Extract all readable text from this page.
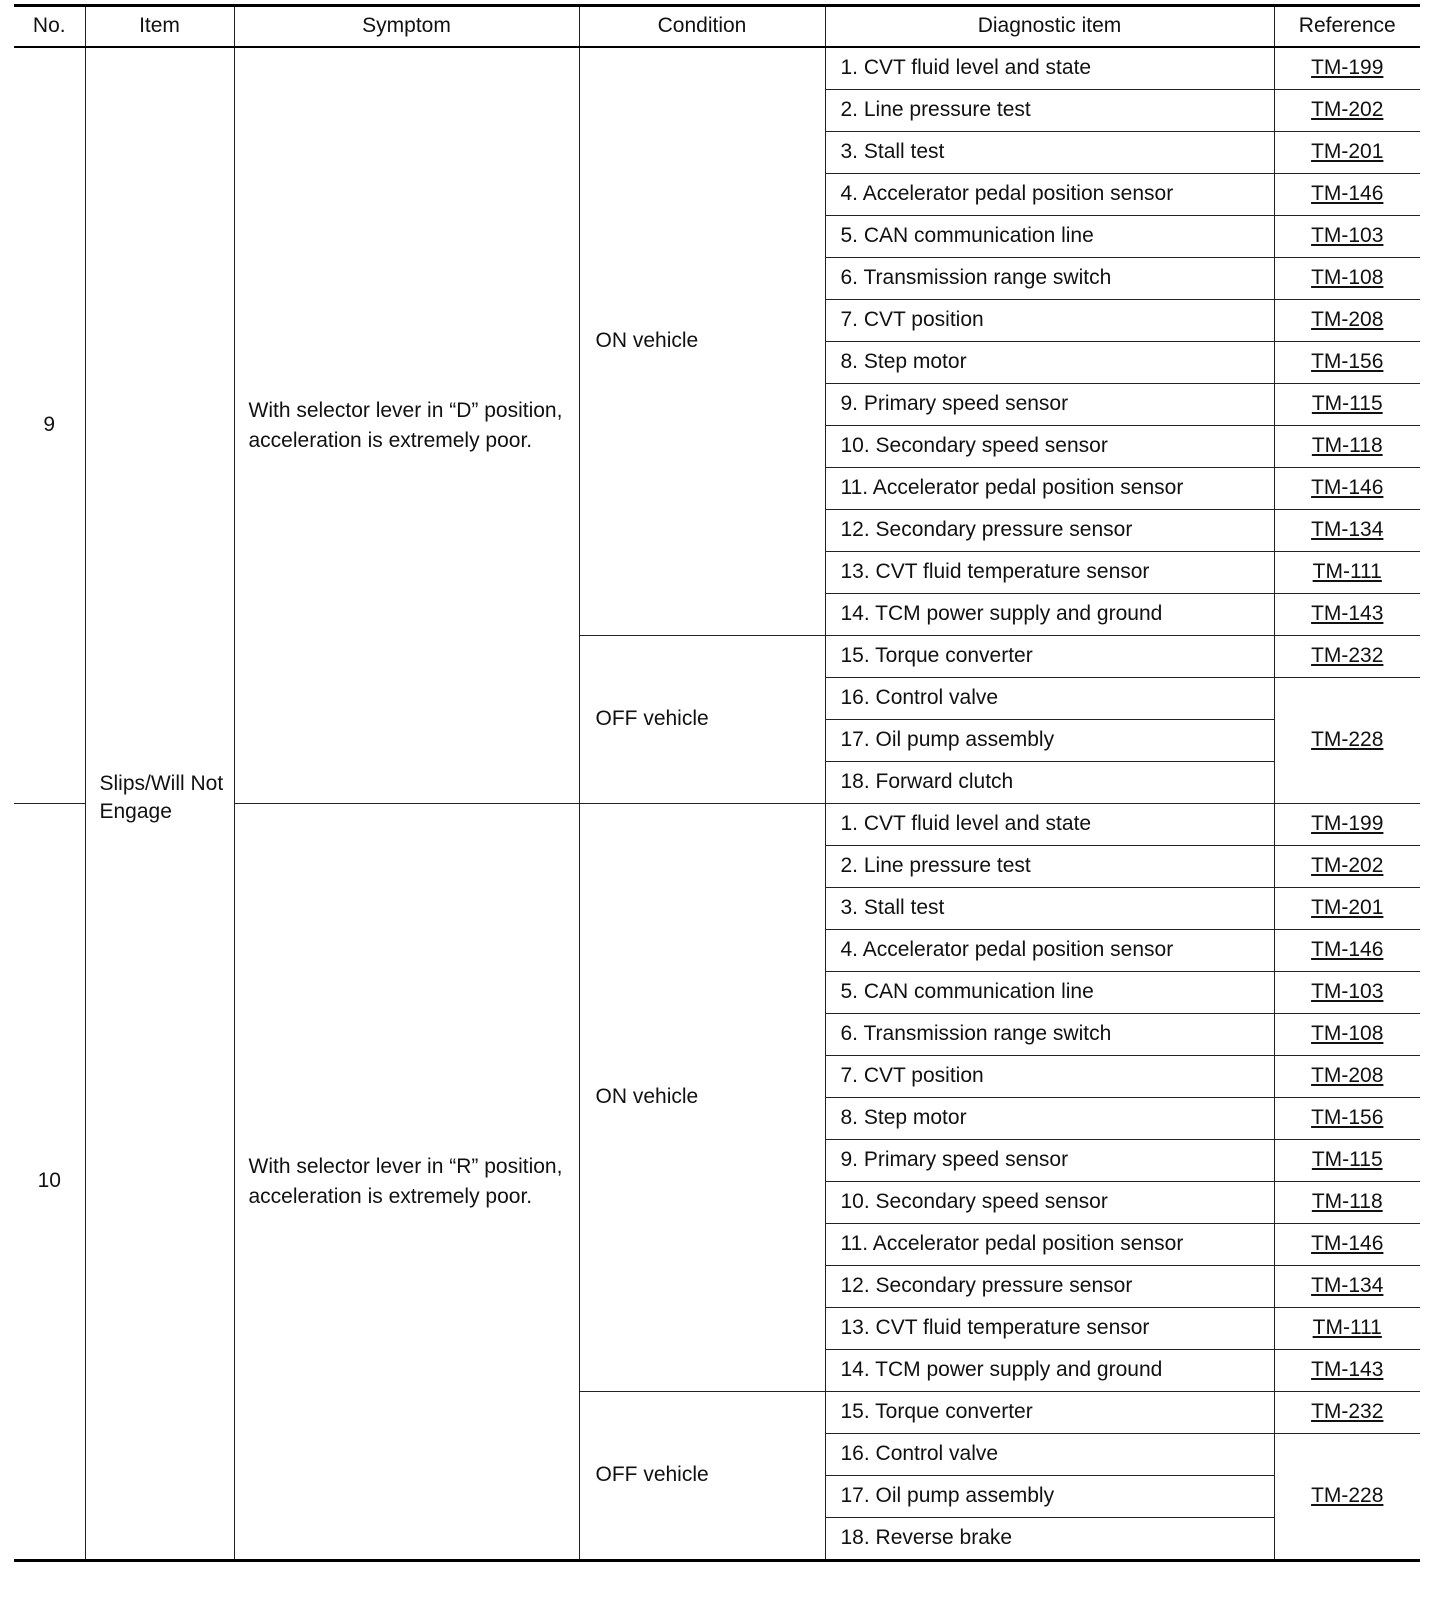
No.	Item	Symptom	Condition	Diagnostic item	Reference
9	Slips/Will Not Engage	With selector lever in “D” position, acceleration is extremely poor.	ON vehicle	1. CVT fluid level and state	TM-199
				2. Line pressure test	TM-202
				3. Stall test	TM-201
				4. Accelerator pedal position sensor	TM-146
				5. CAN communication line	TM-103
				6. Transmission range switch	TM-108
				7. CVT position	TM-208
				8. Step motor	TM-156
				9. Primary speed sensor	TM-115
				10. Secondary speed sensor	TM-118
				11. Accelerator pedal position sensor	TM-146
				12. Secondary pressure sensor	TM-134
				13. CVT fluid temperature sensor	TM-111
				14. TCM power supply and ground	TM-143
			OFF vehicle	15. Torque converter	TM-232
				16. Control valve	TM-228
				17. Oil pump assembly	
				18. Forward clutch	
10		With selector lever in “R” position, acceleration is extremely poor.	ON vehicle	1. CVT fluid level and state	TM-199
				2. Line pressure test	TM-202
				3. Stall test	TM-201
				4. Accelerator pedal position sensor	TM-146
				5. CAN communication line	TM-103
				6. Transmission range switch	TM-108
				7. CVT position	TM-208
				8. Step motor	TM-156
				9. Primary speed sensor	TM-115
				10. Secondary speed sensor	TM-118
				11. Accelerator pedal position sensor	TM-146
				12. Secondary pressure sensor	TM-134
				13. CVT fluid temperature sensor	TM-111
				14. TCM power supply and ground	TM-143
			OFF vehicle	15. Torque converter	TM-232
				16. Control valve	TM-228
				17. Oil pump assembly	
				18. Reverse brake	
